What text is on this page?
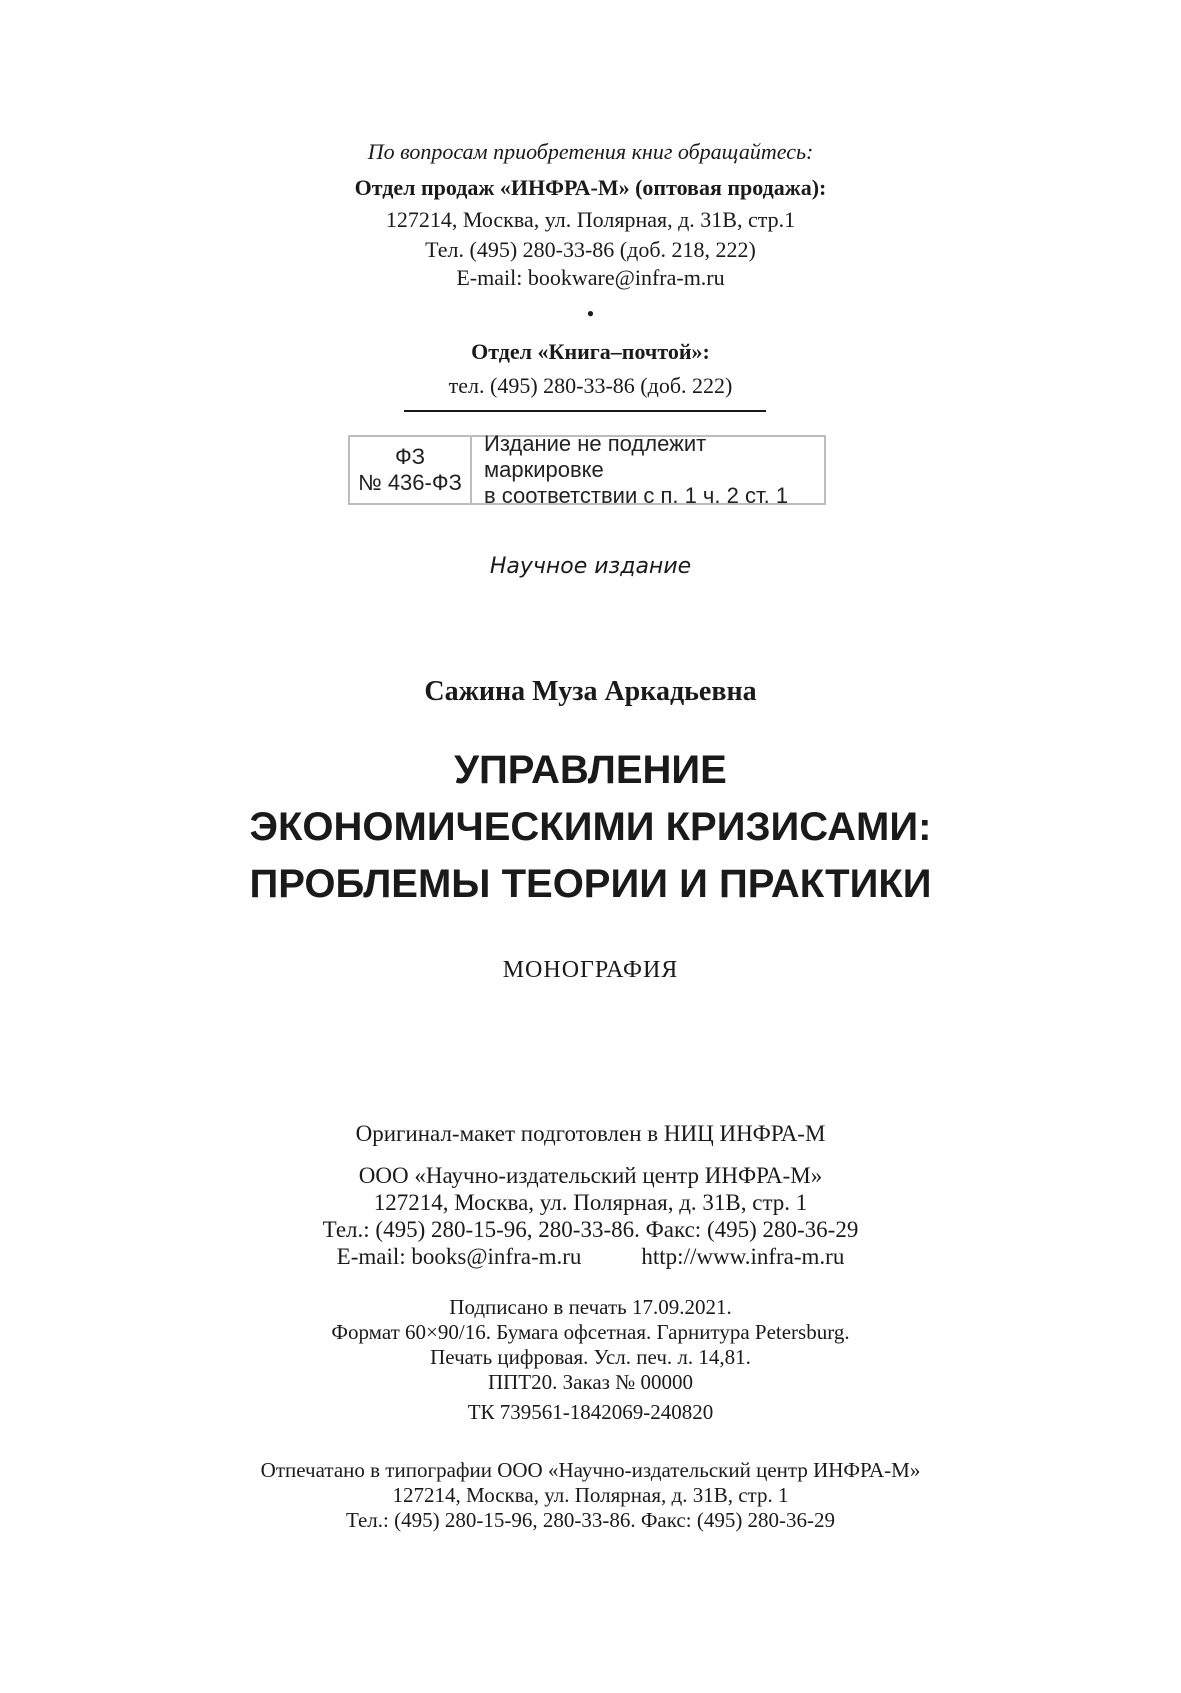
По вопросам приобретения книг обращайтесь:
Отдел продаж «ИНФРА-М» (оптовая продажа):
127214, Москва, ул. Полярная, д. 31В, стр.1
Тел. (495) 280-33-86 (доб. 218, 222)
E-mail: bookware@infra-m.ru
•
Отдел «Книга–почтой»:
тел. (495) 280-33-86 (доб. 222)
ФЗ
№ 436-ФЗ
Издание не подлежит маркировке
в соответствии с п. 1 ч. 2 ст. 1
Научное издание
Сажина Муза Аркадьевна
УПРАВЛЕНИЕ
ЭКОНОМИЧЕСКИМИ КРИЗИСАМИ:
ПРОБЛЕМЫ ТЕОРИИ И ПРАКТИКИ
МОНОГРАФИЯ
Оригинал-макет подготовлен в НИЦ ИНФРА-М
ООО «Научно-издательский центр ИНФРА-М»
127214, Москва, ул. Полярная, д. 31В, стр. 1
Тел.: (495) 280-15-96, 280-33-86. Факс: (495) 280-36-29
E-mail: books@infra-m.ru	http://www.infra-m.ru
Подписано в печать 17.09.2021.
Формат 60×90/16. Бумага офсетная. Гарнитура Petersburg.
Печать цифровая. Усл. печ. л. 14,81.
ППТ20. Заказ № 00000
ТК 739561-1842069-240820
Отпечатано в типографии ООО «Научно-издательский центр ИНФРА-М»
127214, Москва, ул. Полярная, д. 31В, стр. 1
Тел.: (495) 280-15-96, 280-33-86. Факс: (495) 280-36-29
